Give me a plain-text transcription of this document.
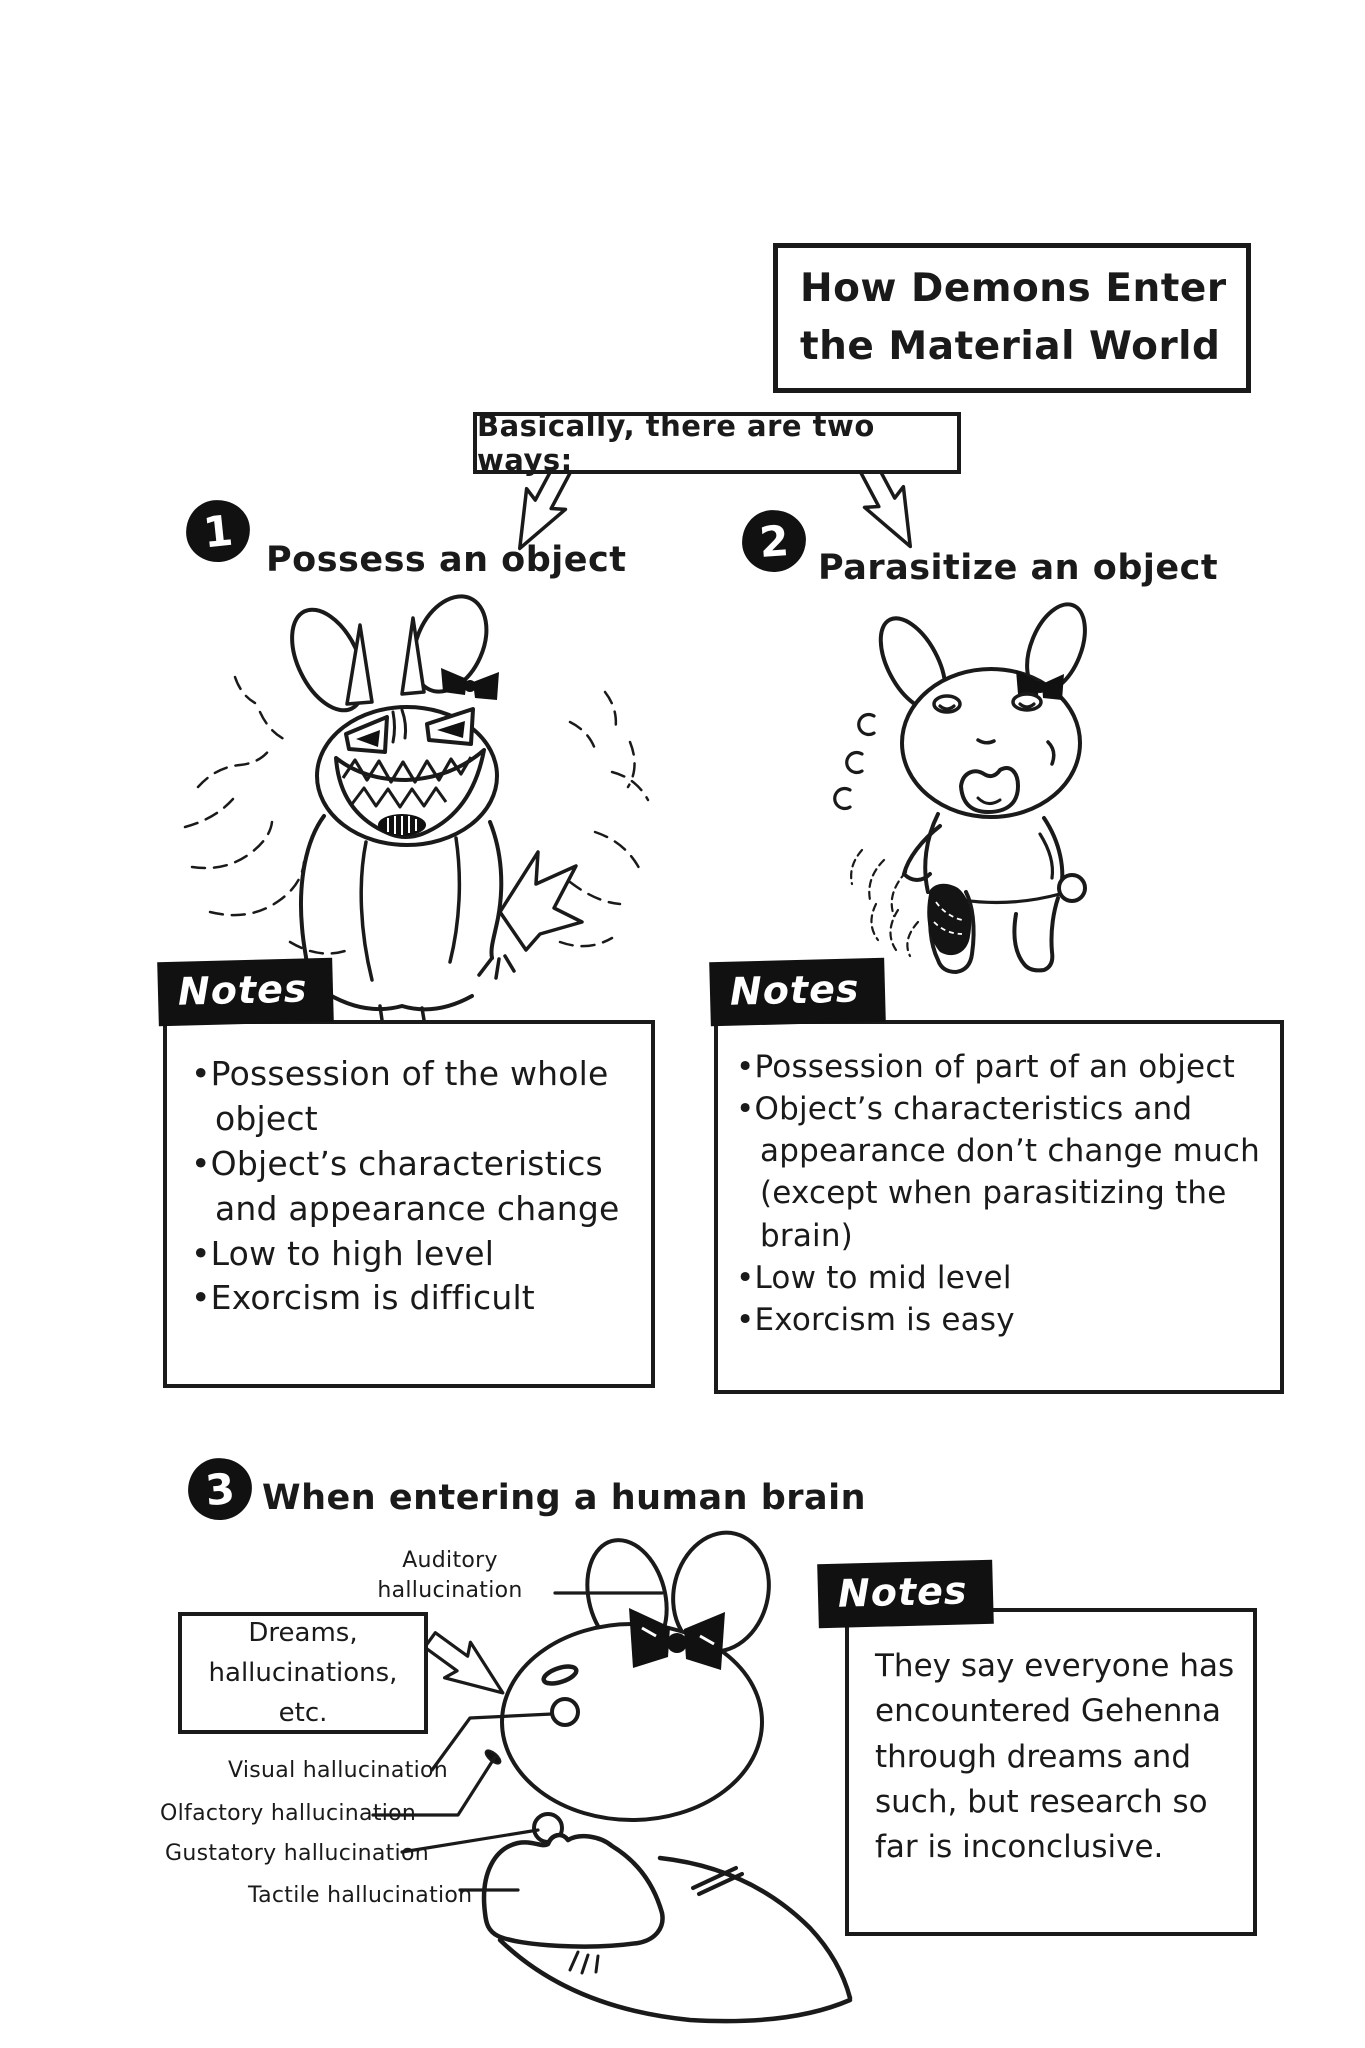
How Demons Enter
the Material World
Basically, there are two ways:
1
Possess an object	2
Parasitize an object
Notes
• Possession of the whole object
• Object’s characteristics and appearance change
• Low to high level
• Exorcism is difficult
Notes
• Possession of part of an object
• Object’s characteristics and appearance don’t change much (except when parasitizing the brain)
• Low to mid level
• Exorcism is easy
3 When entering a human brain
Auditory hallucination
Dreams, hallucinations, etc.
Visual hallucination
Olfactory hallucination
Gustatory hallucination
Tactile hallucination
Notes
They say everyone has encountered Gehenna through dreams and such, but research so far is inconclusive.
